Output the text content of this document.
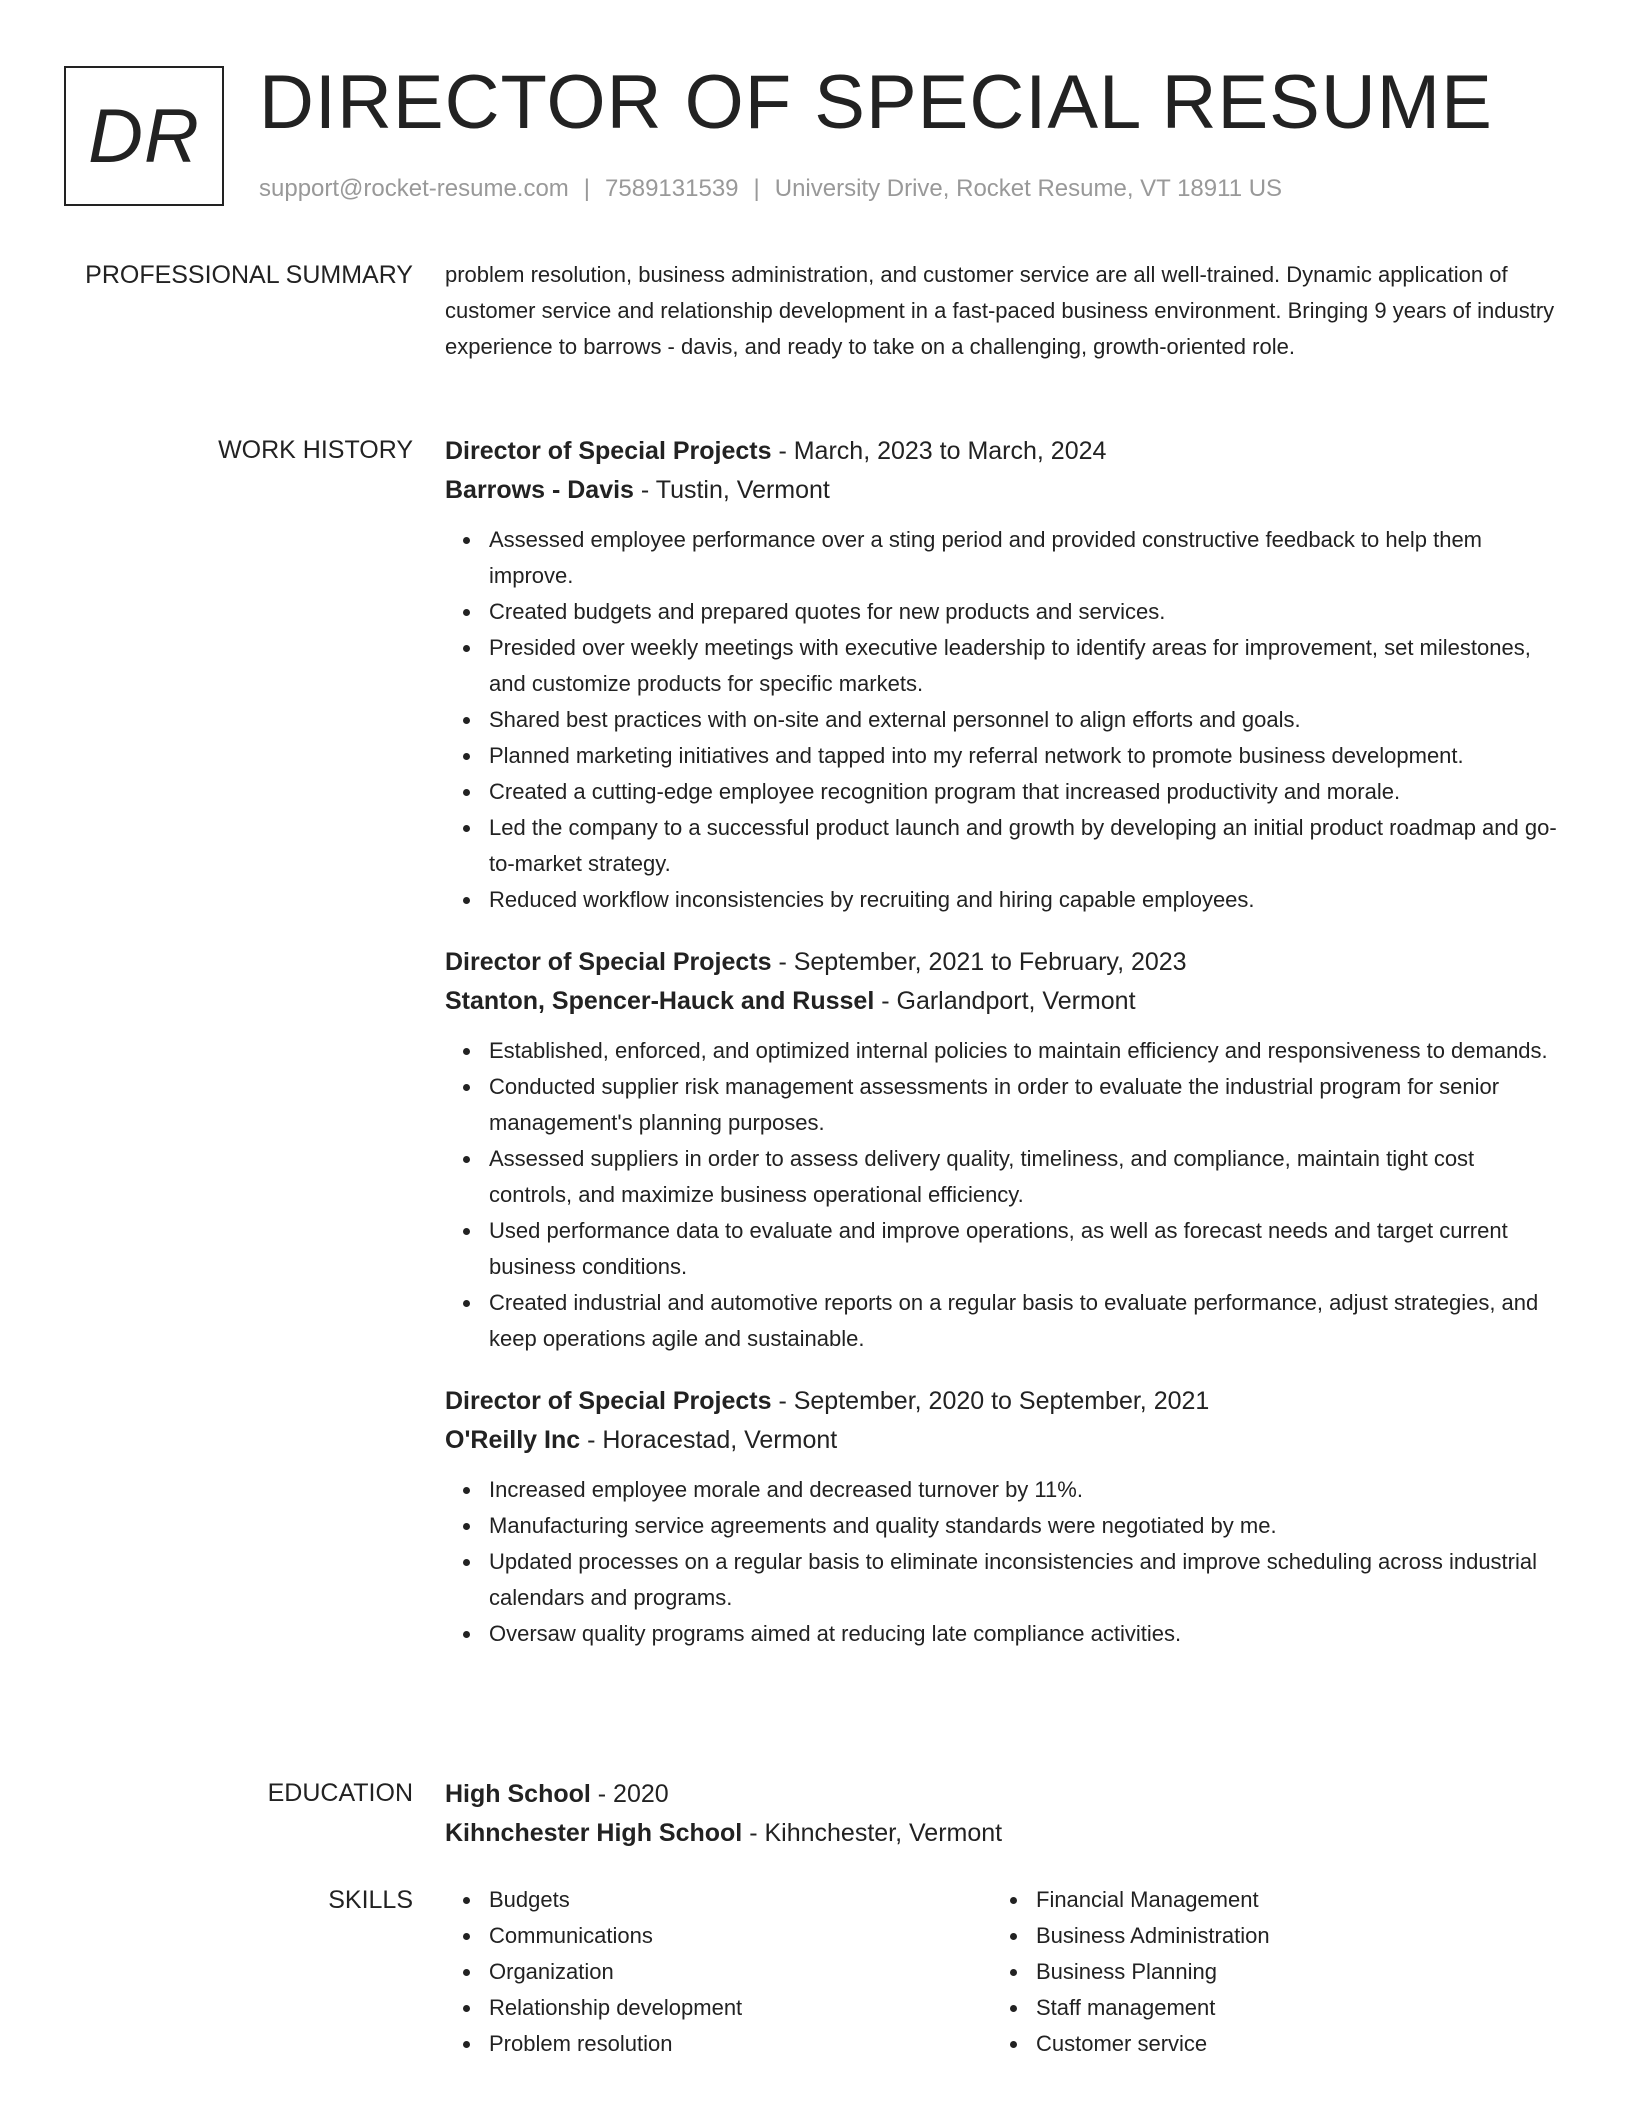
DR DIRECTOR OF SPECIAL RESUME
support@rocket-resume.com | 7589131539 | University Drive, Rocket Resume, VT 18911 US
PROFESSIONAL SUMMARY problem resolution, business administration, and customer service are all well-trained. Dynamic application of customer service and relationship development in a fast-paced business environment. Bringing 9 years of industry experience to barrows - davis, and ready to take on a challenging, growth-oriented role.

WORK HISTORY Director of Special Projects - March, 2023 to March, 2024
Barrows - Davis - Tustin, Vermont
Assessed employee performance over a sting period and provided constructive feedback to help them improve.
Created budgets and prepared quotes for new products and services.
Presided over weekly meetings with executive leadership to identify areas for improvement, set milestones, and customize products for specific markets.
Shared best practices with on-site and external personnel to align efforts and goals.
Planned marketing initiatives and tapped into my referral network to promote business development.
Created a cutting-edge employee recognition program that increased productivity and morale.
Led the company to a successful product launch and growth by developing an initial product roadmap and go-to-market strategy.
Reduced workflow inconsistencies by recruiting and hiring capable employees.
Director of Special Projects - September, 2021 to February, 2023
Stanton, Spencer-Hauck and Russel - Garlandport, Vermont
Established, enforced, and optimized internal policies to maintain efficiency and responsiveness to demands.
Conducted supplier risk management assessments in order to evaluate the industrial program for senior management's planning purposes.
Assessed suppliers in order to assess delivery quality, timeliness, and compliance, maintain tight cost controls, and maximize business operational efficiency.
Used performance data to evaluate and improve operations, as well as forecast needs and target current business conditions.
Created industrial and automotive reports on a regular basis to evaluate performance, adjust strategies, and keep operations agile and sustainable.
Director of Special Projects - September, 2020 to September, 2021
O'Reilly Inc - Horacestad, Vermont
Increased employee morale and decreased turnover by 11%.
Manufacturing service agreements and quality standards were negotiated by me.
Updated processes on a regular basis to eliminate inconsistencies and improve scheduling across industrial calendars and programs.
Oversaw quality programs aimed at reducing late compliance activities.
EDUCATION High School - 2020
Kihnchester High School - Kihnchester, Vermont
SKILLS	Budgets
Communications
Organization
Relationship development
Problem resolution
Financial Management
Business Administration
Business Planning
Staff management
Customer service
